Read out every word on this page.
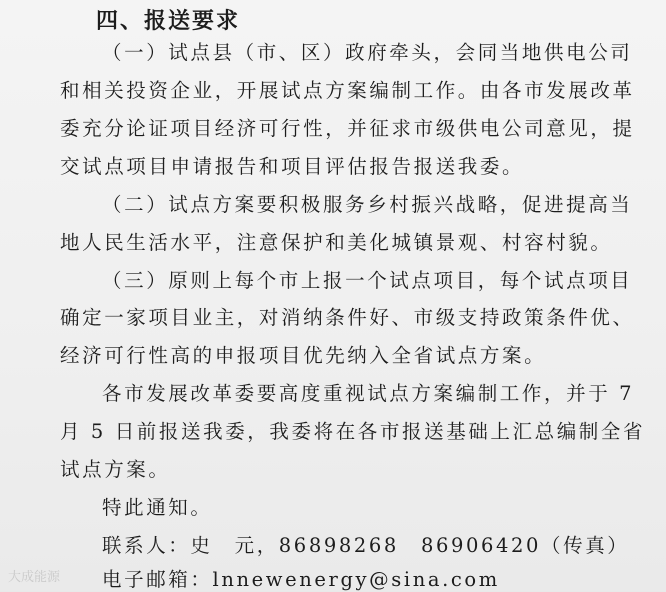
四、报送要求
（一）试点县（市、区）政府牵头，会同当地供电公司
和相关投资企业，开展试点方案编制工作。由各市发展改革
委充分论证项目经济可行性，并征求市级供电公司意见，提
交试点项目申请报告和项目评估报告报送我委。
（二）试点方案要积极服务乡村振兴战略，促进提高当
地人民生活水平，注意保护和美化城镇景观、村容村貌。
（三）原则上每个市上报一个试点项目，每个试点项目
确定一家项目业主，对消纳条件好、市级支持政策条件优、
经济可行性高的申报项目优先纳入全省试点方案。
各市发展改革委要高度重视试点方案编制工作，并于 7
月 5 日前报送我委，我委将在各市报送基础上汇总编制全省
试点方案。
特此通知。
联系人：史　元，86898268　86906420（传真）
电子邮箱：lnnewenergy@sina.com
大成能源
